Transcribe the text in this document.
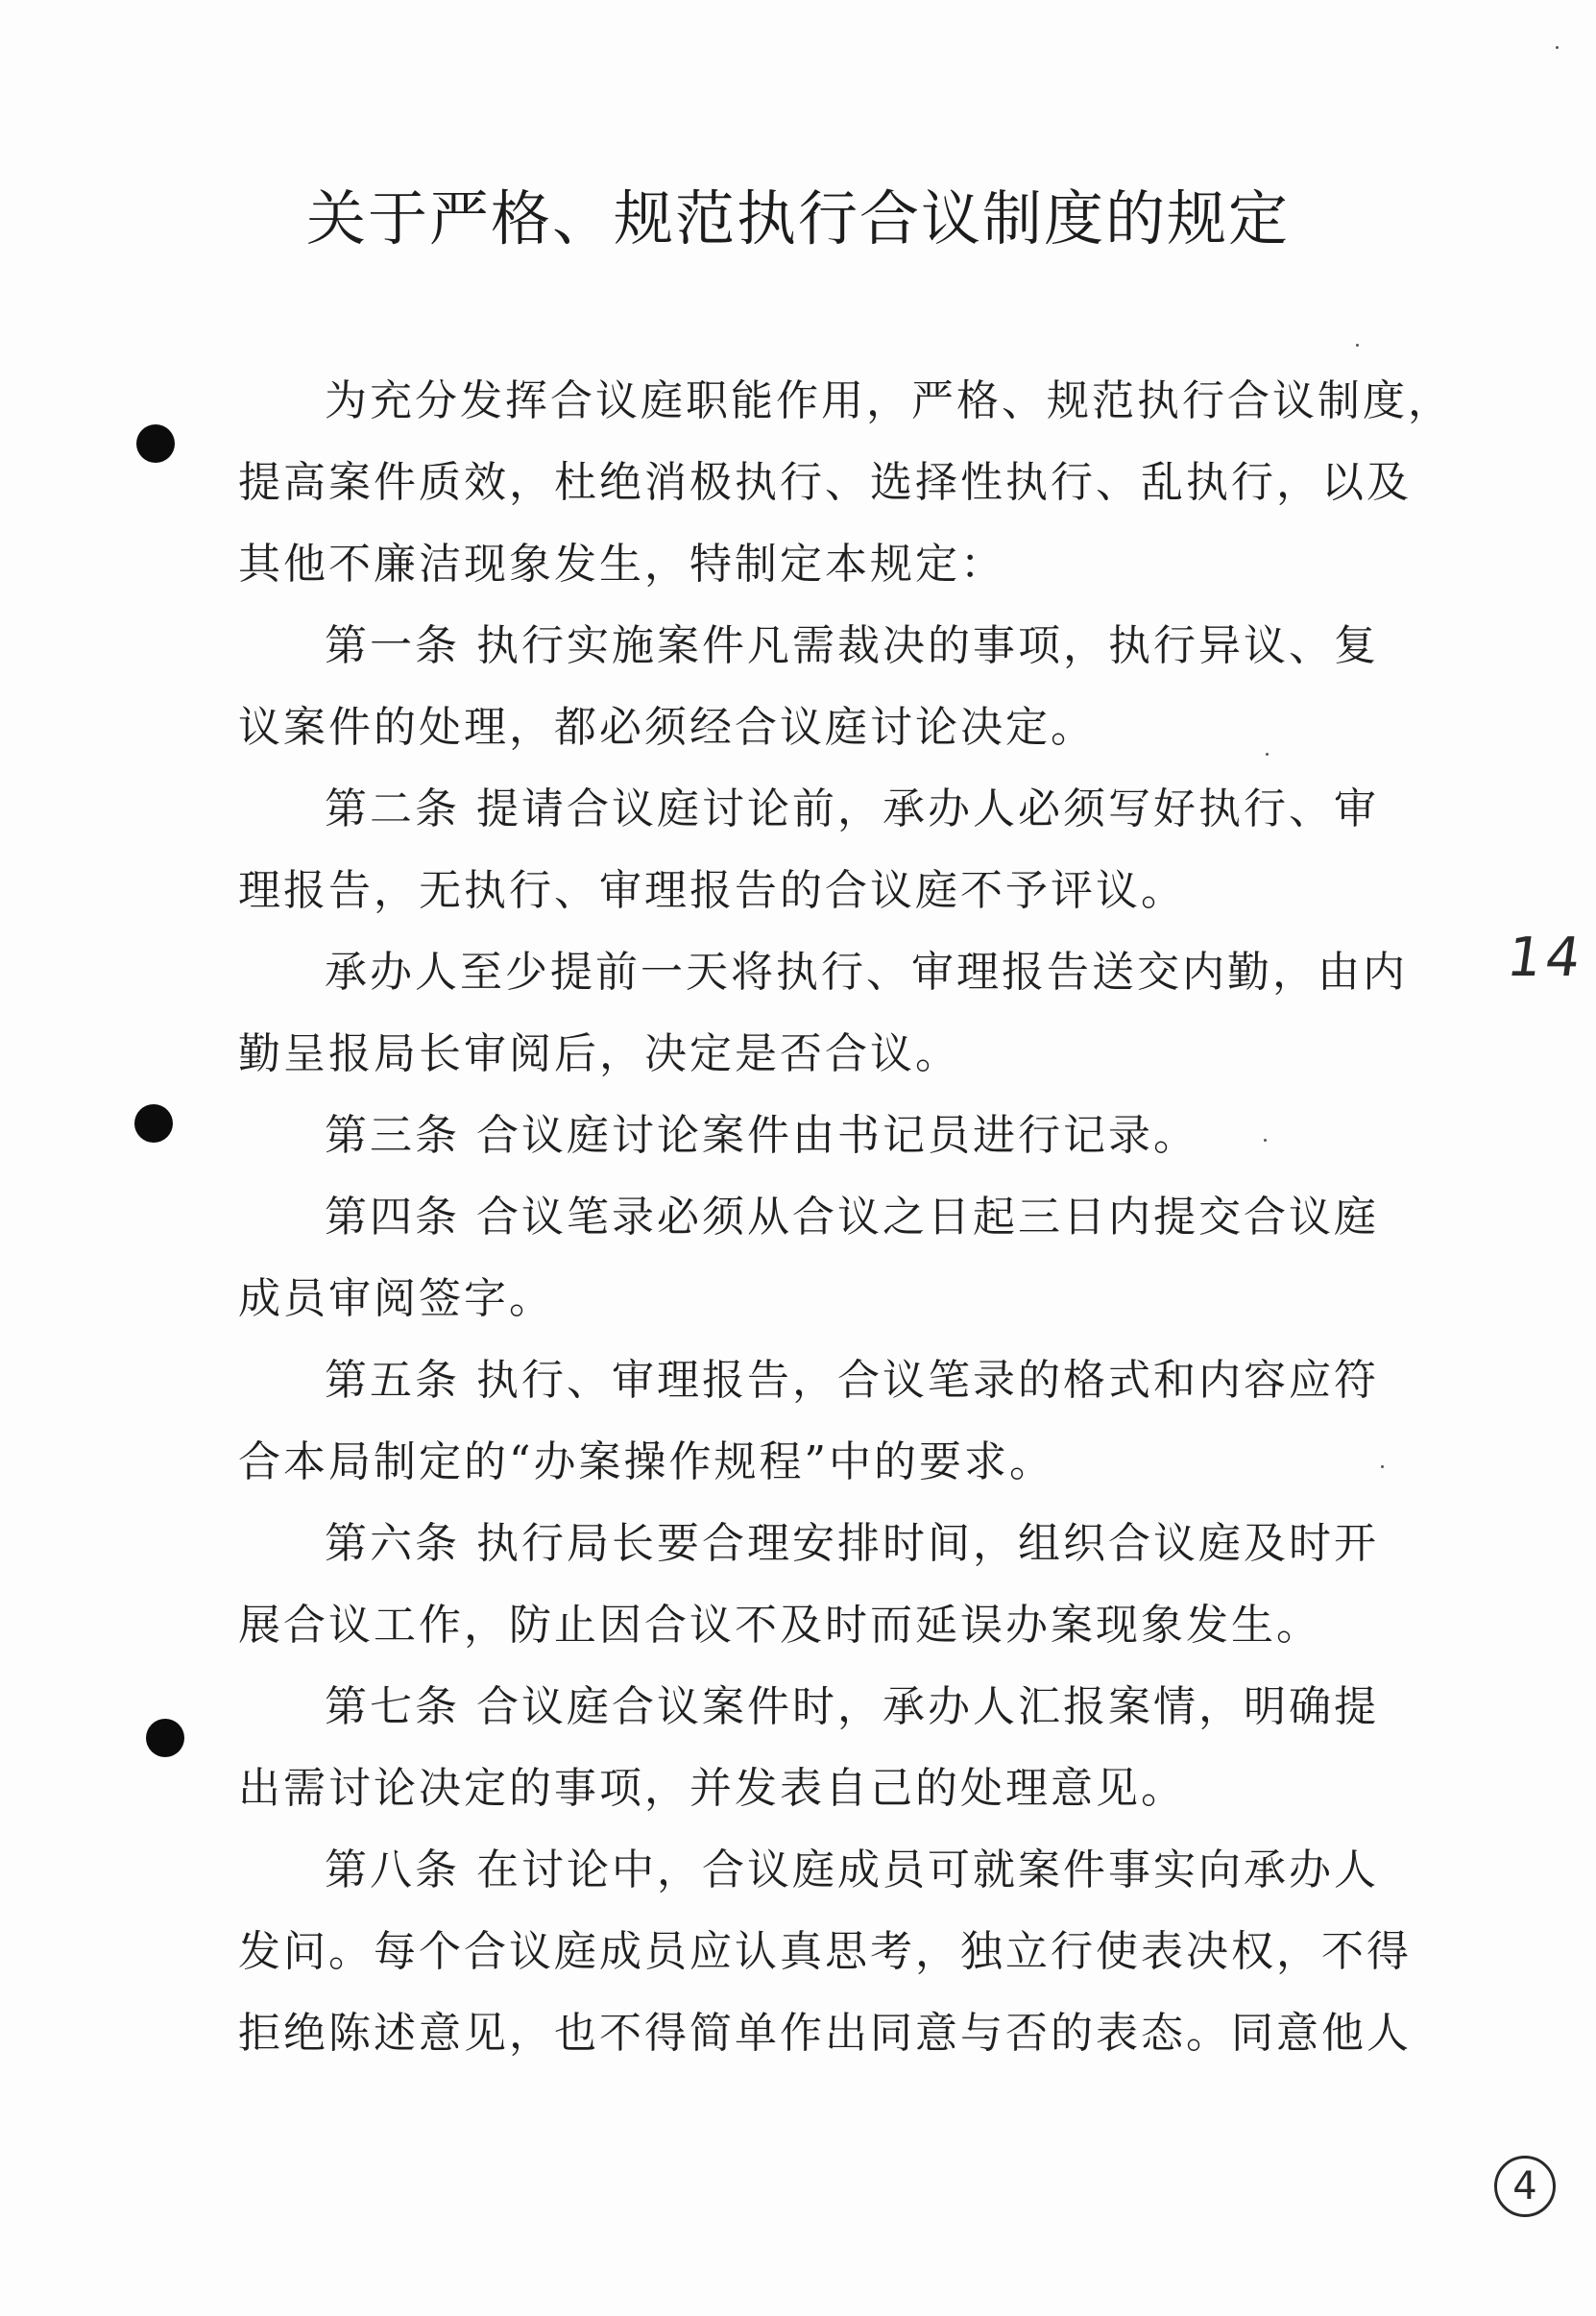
关于严格、规范执行合议制度的规定
为充分发挥合议庭职能作用，严格、规范执行合议制度，
提高案件质效，杜绝消极执行、选择性执行、乱执行，以及
其他不廉洁现象发生，特制定本规定：
第一条 执行实施案件凡需裁决的事项，执行异议、复
议案件的处理，都必须经合议庭讨论决定。
第二条 提请合议庭讨论前，承办人必须写好执行、审
理报告，无执行、审理报告的合议庭不予评议。
承办人至少提前一天将执行、审理报告送交内勤，由内
勤呈报局长审阅后，决定是否合议。
第三条 合议庭讨论案件由书记员进行记录。
第四条 合议笔录必须从合议之日起三日内提交合议庭
成员审阅签字。
第五条 执行、审理报告，合议笔录的格式和内容应符
合本局制定的“办案操作规程”中的要求。
第六条 执行局长要合理安排时间，组织合议庭及时开
展合议工作，防止因合议不及时而延误办案现象发生。
第七条 合议庭合议案件时，承办人汇报案情，明确提
出需讨论决定的事项，并发表自己的处理意见。
第八条 在讨论中，合议庭成员可就案件事实向承办人
发问。每个合议庭成员应认真思考，独立行使表决权，不得
拒绝陈述意见，也不得简单作出同意与否的表态。同意他人
14
4
